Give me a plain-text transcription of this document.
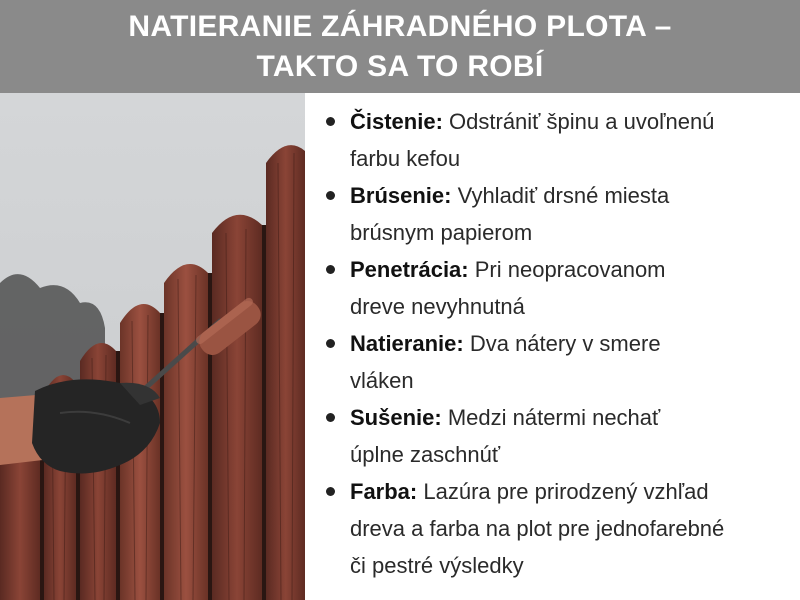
NATIERANIE ZÁHRADNÉHO PLOTA –
TAKTO SA TO ROBÍ
Čistenie: Odstrániť špinu a uvoľnenú
farbu kefou
Brúsenie: Vyhladiť drsné miesta
brúsnym papierom
Penetrácia: Pri neopracovanom
dreve nevyhnutná
Natieranie: Dva nátery v smere
vláken
Sušenie: Medzi nátermi nechať
úplne zaschnúť
Farba: Lazúra pre prirodzený vzhľad
dreva a farba na plot pre jednofarebné
či pestré výsledky
